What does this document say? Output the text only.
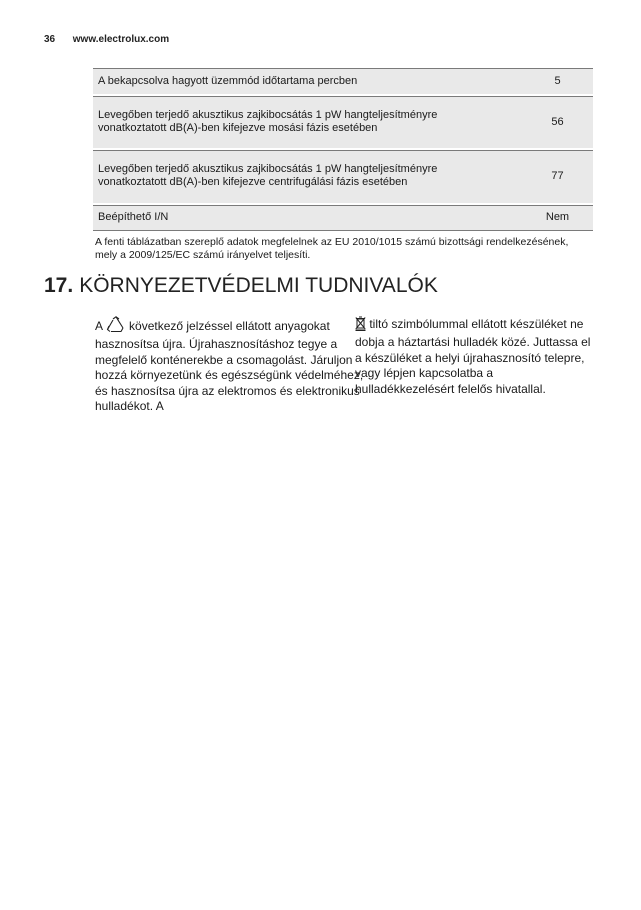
36 www.electrolux.com
A bekapcsolva hagyott üzemmód időtartama percben	5
Levegőben terjedő akusztikus zajkibocsátás 1 pW hangteljesítményre vonatkoztatott dB(A)-ben kifejezve mosási fázis esetében	56
Levegőben terjedő akusztikus zajkibocsátás 1 pW hangteljesítményre vonatkoztatott dB(A)-ben kifejezve centrifugálási fázis esetében	77
Beépíthető I/N	Nem
A fenti táblázatban szereplő adatok megfelelnek az EU 2010/1015 számú bizottsági rendelkezésének, mely a 2009/125/EC számú irányelvet teljesíti.
17. KÖRNYEZETVÉDELMI TUDNIVALÓK
A következő jelzéssel ellátott anyagokat hasznosítsa újra. Újrahasznosításhoz tegye a megfelelő konténerekbe a csomagolást. Járuljon hozzá környezetünk és egészségünk védelméhez, és hasznosítsa újra az elektromos és elektronikus hulladékot. A
tiltó szimbólummal ellátott készüléket ne dobja a háztartási hulladék közé. Juttassa el a készüléket a helyi újrahasznosító telepre, vagy lépjen kapcsolatba a hulladékkezelésért felelős hivatallal.
